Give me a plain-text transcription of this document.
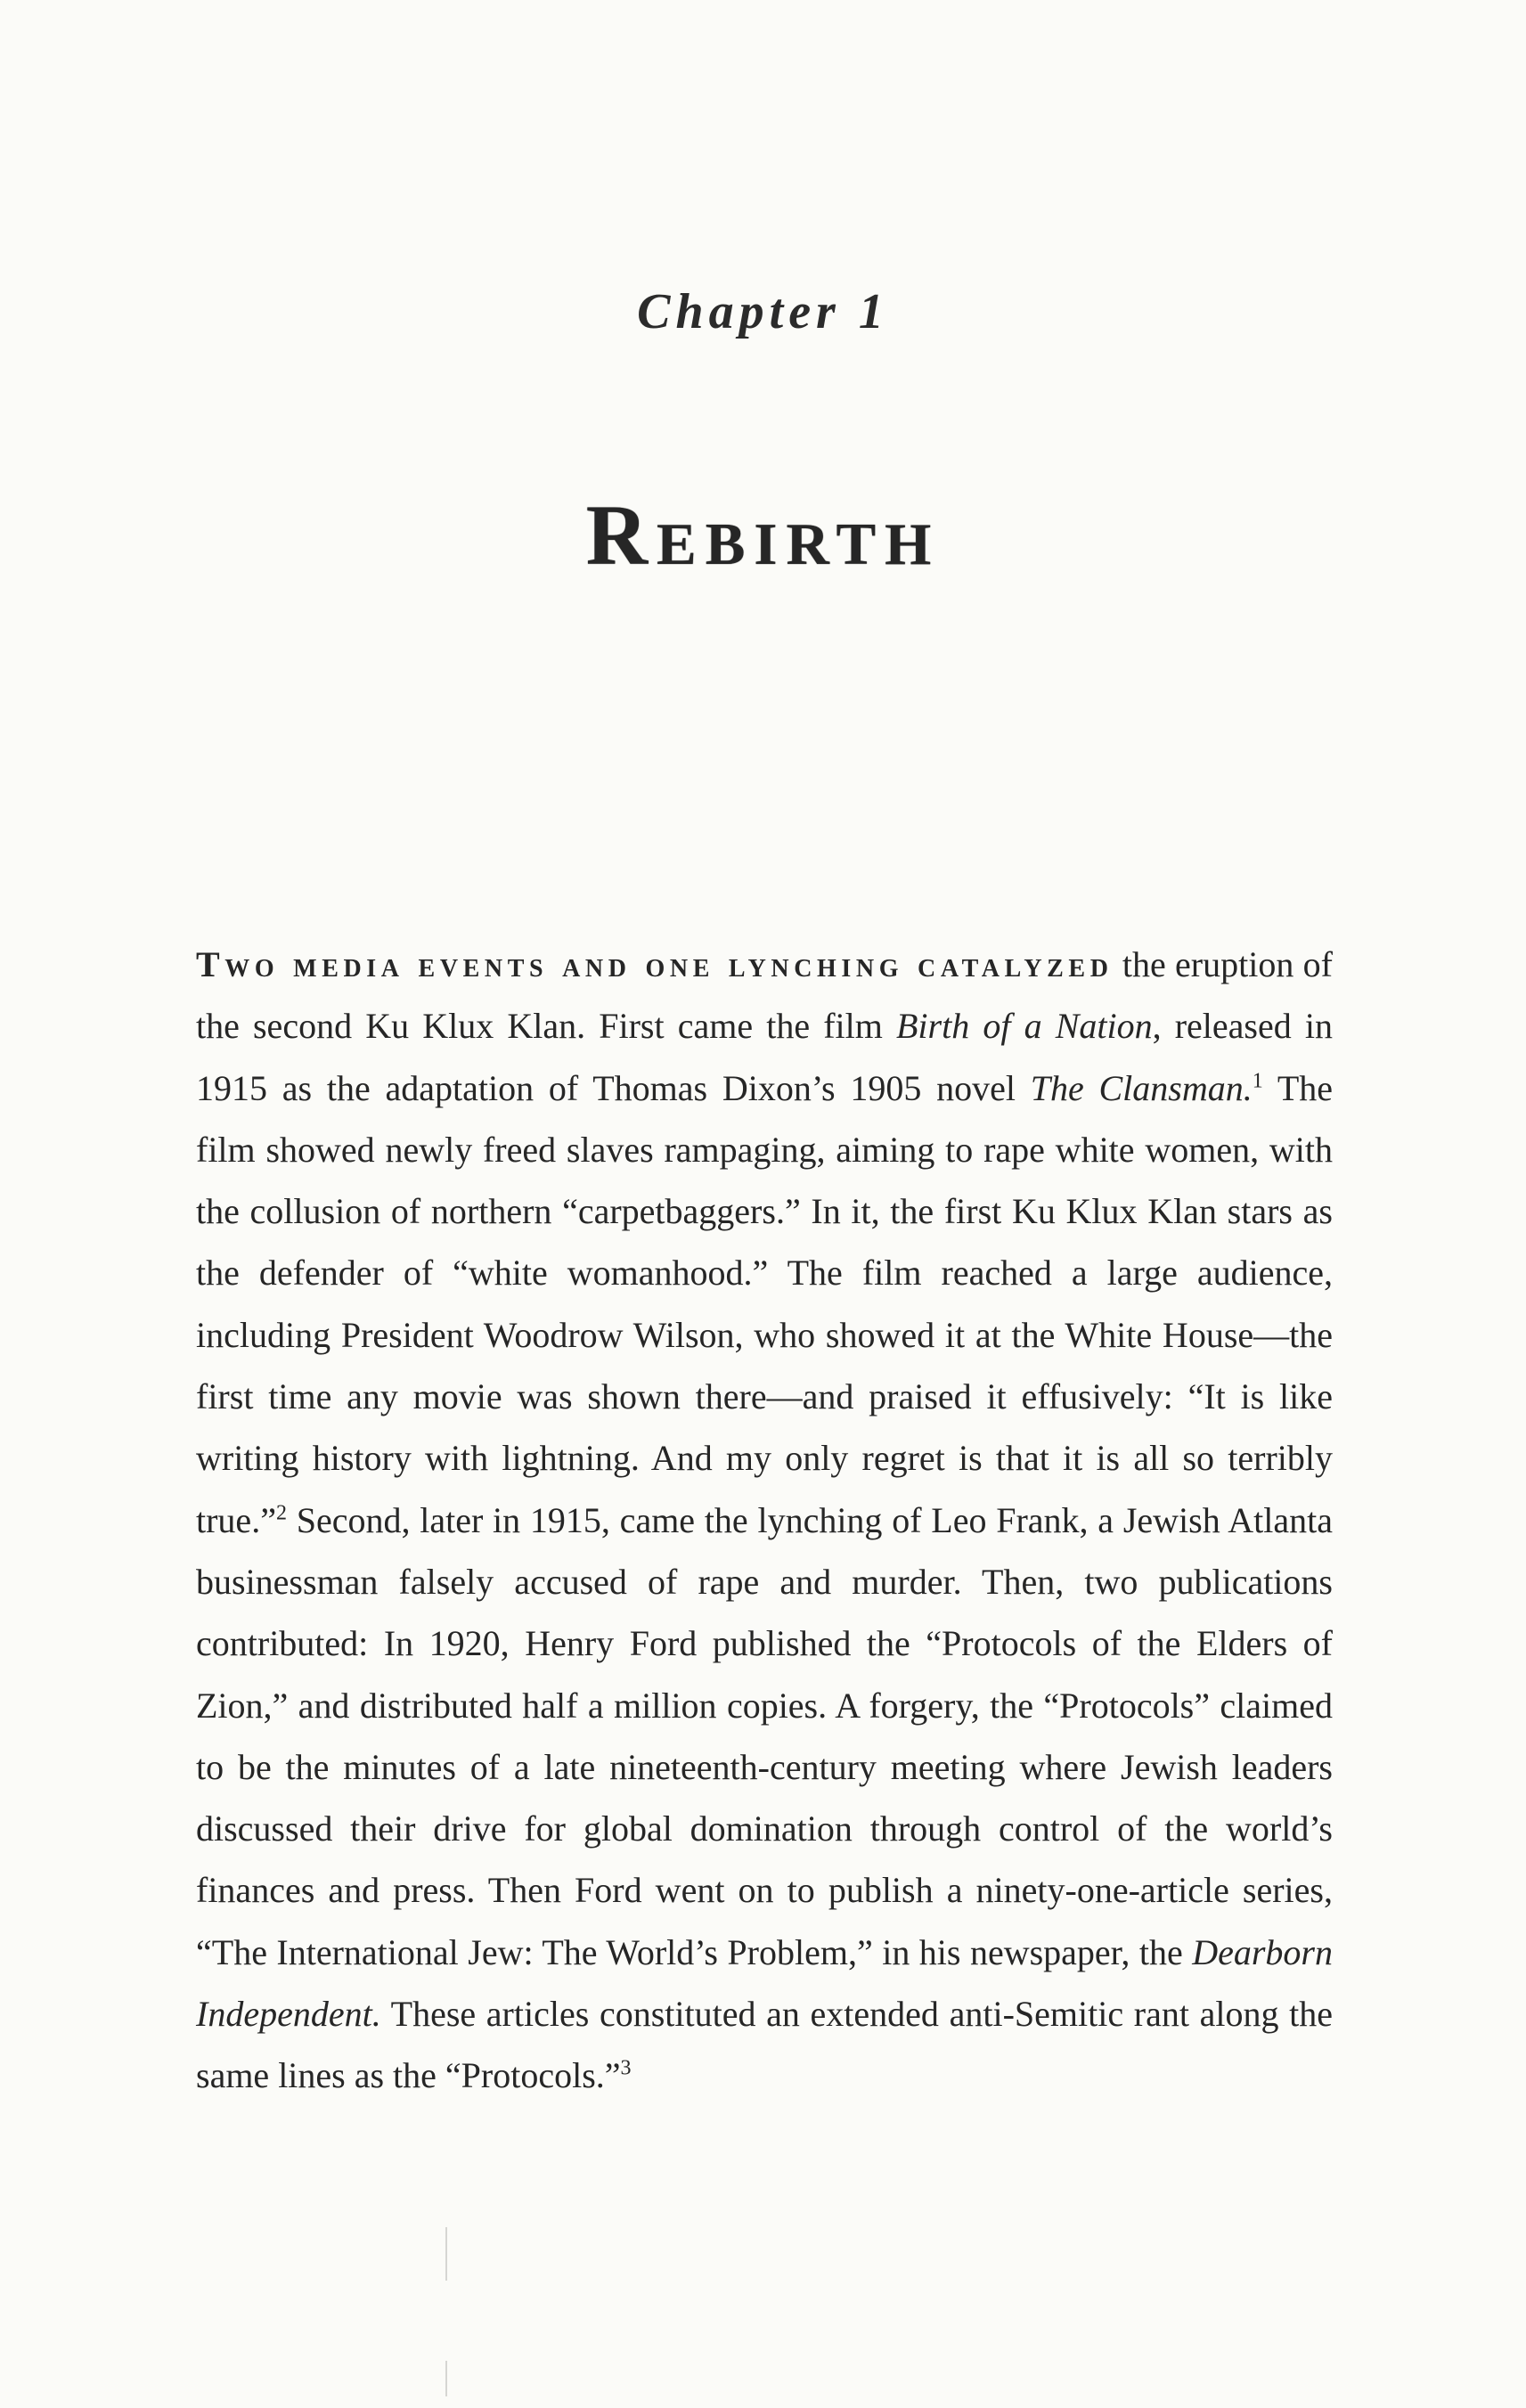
Chapter 1
Rebirth
Two media events and one lynching catalyzed the eruption of the second Ku Klux Klan. First came the film Birth of a Nation, released in 1915 as the adaptation of Thomas Dixon’s 1905 novel The Clansman.$^1$ The film showed newly freed slaves rampaging, aiming to rape white women, with the collusion of northern “carpetbaggers.” In it, the first Ku Klux Klan stars as the defender of “white womanhood.” The film reached a large audience, including President Woodrow Wilson, who showed it at the White House—the first time any movie was shown there—and praised it effusively: “It is like writing history with lightning. And my only regret is that it is all so terribly true.”$^2$ Second, later in 1915, came the lynching of Leo Frank, a Jewish Atlanta businessman falsely accused of rape and murder. Then, two publications contributed: In 1920, Henry Ford published the “Protocols of the Elders of Zion,” and distributed half a million copies. A forgery, the “Protocols” claimed to be the minutes of a late nineteenth-century meeting where Jewish leaders discussed their drive for global domination through control of the world’s finances and press. Then Ford went on to publish a ninety-one-article series, “The International Jew: The World’s Problem,” in his newspaper, the Dearborn Independent. These articles constituted an extended anti-Semitic rant along the same lines as the “Protocols.”$^3$
